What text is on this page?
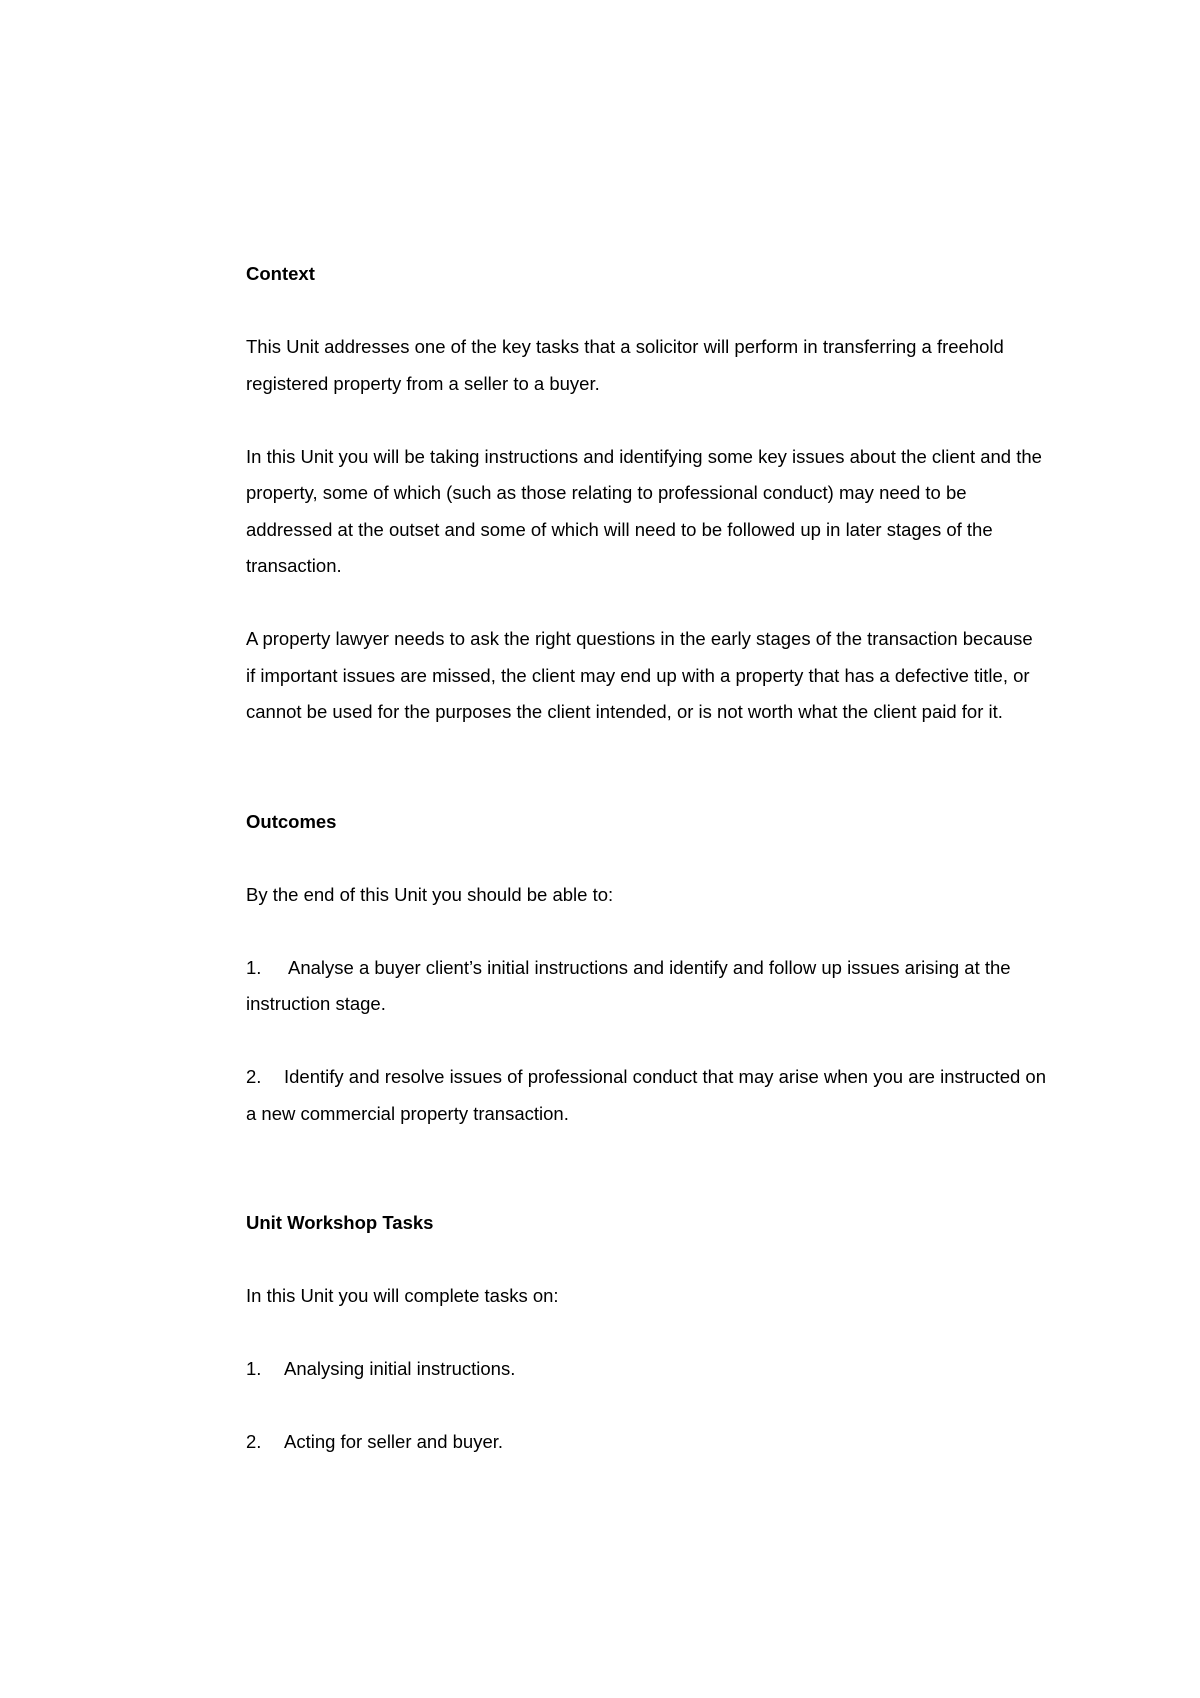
Context

This Unit addresses one of the key tasks that a solicitor will perform in transferring a freehold registered property from a seller to a buyer.

In this Unit you will be taking instructions and identifying some key issues about the client and the property, some of which (such as those relating to professional conduct) may need to be addressed at the outset and some of which will need to be followed up in later stages of the transaction.

A property lawyer needs to ask the right questions in the early stages of the transaction because if important issues are missed, the client may end up with a property that has a defective title, or cannot be used for the purposes the client intended, or is not worth what the client paid for it.

Outcomes

By the end of this Unit you should be able to:

1. Analyse a buyer client’s initial instructions and identify and follow up issues arising at the instruction stage.

2. Identify and resolve issues of professional conduct that may arise when you are instructed on a new commercial property transaction.

Unit Workshop Tasks

In this Unit you will complete tasks on:

1. Analysing initial instructions.

2. Acting for seller and buyer.
